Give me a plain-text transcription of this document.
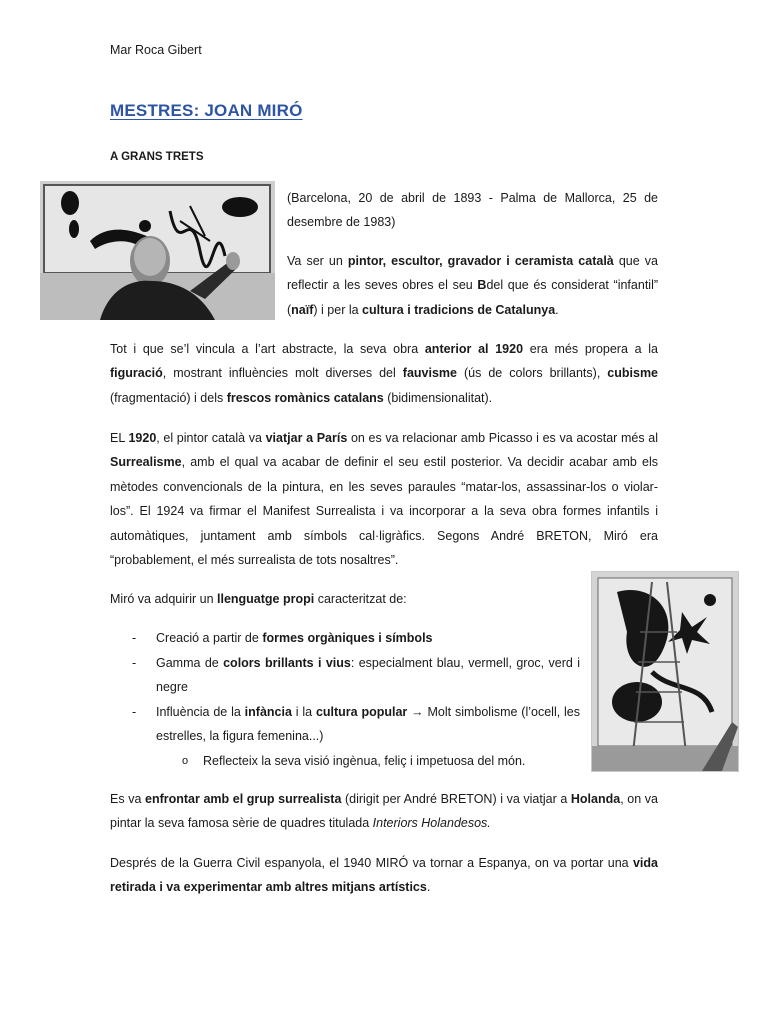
Mar Roca Gibert
MESTRES: JOAN MIRÓ
A GRANS TRETS

(Barcelona, 20 de abril de 1893 - Palma de Mallorca, 25 de desembre de 1983)

Va ser un pintor, escultor, gravador i ceramista català que va reflectir a les seves obres el seu Bdel que és considerat “infantil” (naïf) i per la cultura i tradicions de Catalunya.

Tot i que se’l vincula a l’art abstracte, la seva obra anterior al 1920 era més propera a la figuració, mostrant influències molt diverses del fauvisme (ús de colors brillants), cubisme (fragmentació) i dels frescos romànics catalans (bidimensionalitat).
EL 1920, el pintor català va viatjar a París on es va relacionar amb Picasso i es va acostar més al Surrealisme, amb el qual va acabar de definir el seu estil posterior. Va decidir acabar amb els mètodes convencionals de la pintura, en les seves paraules “matar-los, assassinar-los o violar-los”. El 1924 va firmar el Manifest Surrealista i va incorporar a la seva obra formes infantils i automàtiques, juntament amb símbols cal·ligràfics. Segons André BRETON, Miró era “probablement, el més surrealista de tots nosaltres”.
Miró va adquirir un llenguatge propi caracteritzat de:
- Creació a partir de formes orgàniques i símbols
- Gamma de colors brillants i vius: especialment blau, vermell, groc, verd i negre
- Influència de la infància i la cultura popular → Molt simbolisme (l’ocell, les estrelles, la figura femenina...)
o Reflecteix la seva visió ingènua, feliç i impetuosa del món.
Es va enfrontar amb el grup surrealista (dirigit per André BRETON) i va viatjar a Holanda, on va pintar la seva famosa sèrie de quadres titulada Interiors Holandesos.
Després de la Guerra Civil espanyola, el 1940 MIRÓ va tornar a Espanya, on va portar una vida retirada i va experimentar amb altres mitjans artístics.
